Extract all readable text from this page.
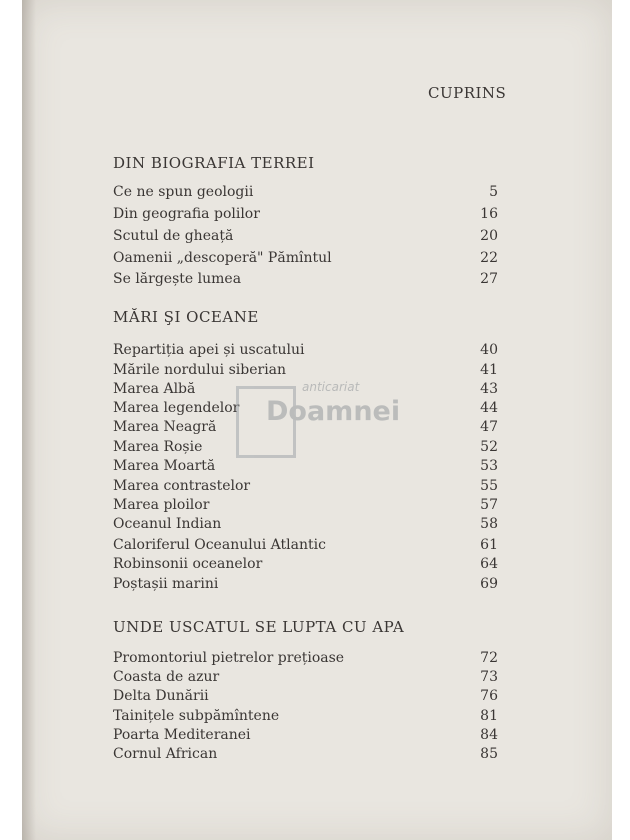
CUPRINS
DIN BIOGRAFIA TERREI
Ce ne spun geologii	5
Din geografia polilor	16
Scutul de gheață	20
Oamenii „descoperă" Pămîntul	22
Se lărgește lumea	27
MĂRI ŞI OCEANE
Repartiția apei și uscatului	40
Mările nordului siberian	41
Marea Albă	43
Marea legendelor	44
Marea Neagră	47
Marea Roșie	52
Marea Moartă	53
Marea contrastelor	55
Marea ploilor	57
Oceanul Indian	58
Caloriferul Oceanului Atlantic	61
Robinsonii oceanelor	64
Poștașii marini	69
UNDE USCATUL SE LUPTA CU APA
Promontoriul pietrelor prețioase	72
Coasta de azur	73
Delta Dunării	76
Tainițele subpămîntene	81
Poarta Mediteranei	84
Cornul African	85
anticariat
Doamnei
